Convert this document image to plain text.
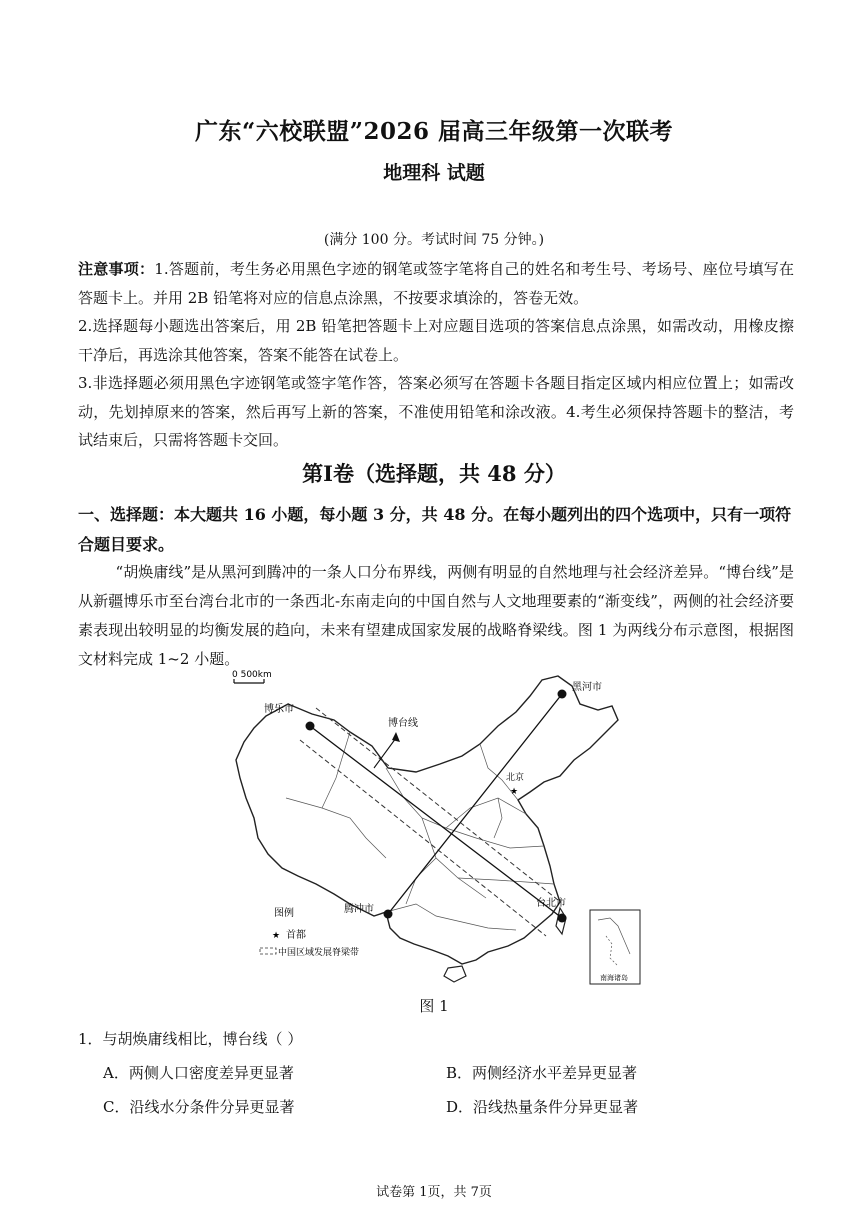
广东“六校联盟”2026 届高三年级第一次联考
地理科 试题
(满分 100 分。考试时间 75 分钟。)

注意事项：1.答题前，考生务必用黑色字迹的钢笔或签字笔将自己的姓名和考生号、考场号、座位号填写在答题卡上。并用 2B 铅笔将对应的信息点涂黑，不按要求填涂的，答卷无效。

2.选择题每小题选出答案后，用 2B 铅笔把答题卡上对应题目选项的答案信息点涂黑，如需改动，用橡皮擦干净后，再选涂其他答案，答案不能答在试卷上。

3.非选择题必须用黑色字迹钢笔或签字笔作答，答案必须写在答题卡各题目指定区域内相应位置上；如需改动，先划掉原来的答案，然后再写上新的答案，不准使用铅笔和涂改液。4.考生必须保持答题卡的整洁，考试结束后，只需将答题卡交回。

第Ⅰ卷（选择题，共 48 分）
一、选择题：本大题共 16 小题，每小题 3 分，共 48 分。在每小题列出的四个选项中，只有一项符合题目要求。

“胡焕庸线”是从黑河到腾冲的一条人口分布界线，两侧有明显的自然地理与社会经济差异。“博台线”是从新疆博乐市至台湾台北市的一条西北-东南走向的中国自然与人文地理要素的“渐变线”，两侧的社会经济要素表现出较明显的均衡发展的趋向，未来有望建成国家发展的战略脊梁线。图 1 为两线分布示意图，根据图文材料完成 1~2 小题。

0 500km
博台线
博乐市
黑河市
腾冲市
台北市
★
北京
图例
★ 首都
中国区域发展脊梁带
南海诸岛
图 1
1．与胡焕庸线相比，博台线（ ）
A．两侧人口密度差异更显著	B．两侧经济水平差异更显著
C．沿线水分条件分异更显著	D．沿线热量条件分异更显著
试卷第 1页，共 7页
